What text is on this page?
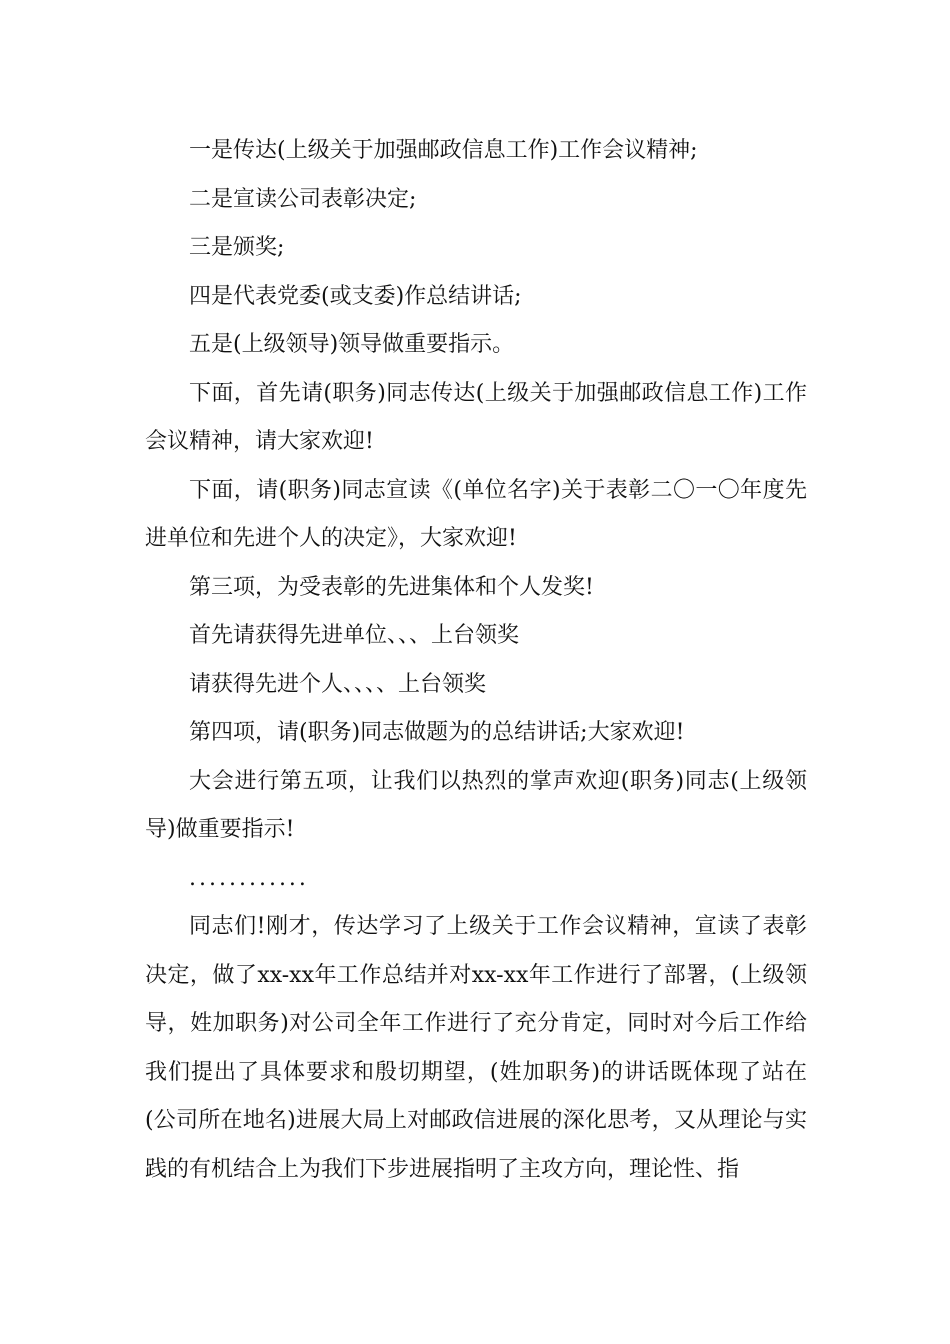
一是传达(上级关于加强邮政信息工作)工作会议精神;

二是宣读公司表彰决定;

三是颁奖;

四是代表党委(或支委)作总结讲话;

五是(上级领导)领导做重要指示。

下面，首先请(职务)同志传达(上级关于加强邮政信息工作)工作会议精神，请大家欢迎!

下面，请(职务)同志宣读《(单位名字)关于表彰二〇一〇年度先进单位和先进个人的决定》，大家欢迎!

第三项，为受表彰的先进集体和个人发奖!

首先请获得先进单位、、、上台领奖

请获得先进个人、、、、上台领奖

第四项，请(职务)同志做题为的总结讲话;大家欢迎!

大会进行第五项，让我们以热烈的掌声欢迎(职务)同志(上级领导)做重要指示!

............

同志们!刚才，传达学习了上级关于工作会议精神，宣读了表彰决定，做了xx-xx年工作总结并对xx-xx年工作进行了部署，(上级领导，姓加职务)对公司全年工作进行了充分肯定，同时对今后工作给我们提出了具体要求和殷切期望，(姓加职务)的讲话既体现了站在(公司所在地名)进展大局上对邮政信进展的深化思考，又从理论与实践的有机结合上为我们下步进展指明了主攻方向，理论性、指
